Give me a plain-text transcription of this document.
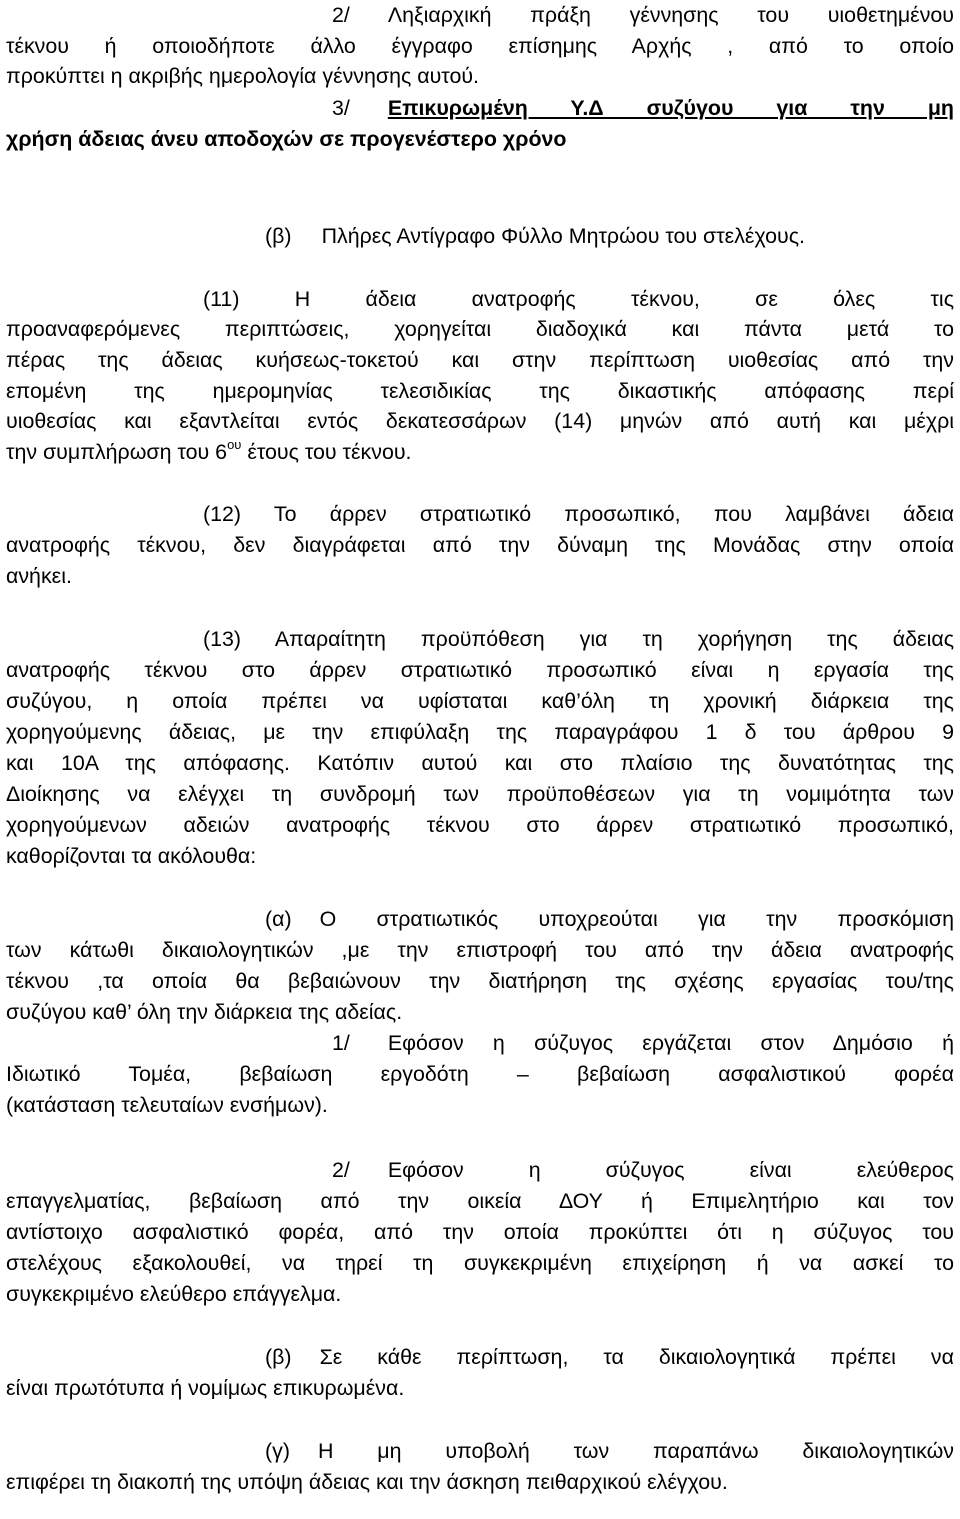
2/ Ληξιαρχική πράξη γέννησης του υιοθετημένου
τέκνου ή οποιοδήποτε άλλο έγγραφο επίσημης Αρχής , από το οποίο
προκύπτει η ακριβής ημερολογία γέννησης αυτού.
3/ Επικυρωμένη Υ.Δ συζύγου για την μη
χρήση άδειας άνευ αποδοχών σε προγενέστερο χρόνο
(β) Πλήρες Αντίγραφο Φύλλο Μητρώου του στελέχους.
(11) Η άδεια ανατροφής τέκνου, σε όλες τις
προαναφερόμενες περιπτώσεις, χορηγείται διαδοχικά και πάντα μετά το
πέρας της άδειας κυήσεως-τοκετού και στην περίπτωση υιοθεσίας από την
επομένη της ημερομηνίας τελεσιδικίας της δικαστικής απόφασης περί
υιοθεσίας και εξαντλείται εντός δεκατεσσάρων (14) μηνών από αυτή και μέχρι
την συμπλήρωση του $6^{o\upsilon}$ έτους του τέκνου.
(12) Το άρρεν στρατιωτικό προσωπικό, που λαμβάνει άδεια
ανατροφής τέκνου, δεν διαγράφεται από την δύναμη της Μονάδας στην οποία
ανήκει.
(13) Απαραίτητη προϋπόθεση για τη χορήγηση της άδειας
ανατροφής τέκνου στο άρρεν στρατιωτικό προσωπικό είναι η εργασία της
συζύγου, η οποία πρέπει να υφίσταται καθ’όλη τη χρονική διάρκεια της
χορηγούμενης άδειας, με την επιφύλαξη της παραγράφου 1 δ του άρθρου 9
και 10Α της απόφασης. Κατόπιν αυτού και στο πλαίσιο της δυνατότητας της
Διοίκησης να ελέγχει τη συνδρομή των προϋποθέσεων για τη νομιμότητα των
χορηγούμενων αδειών ανατροφής τέκνου στο άρρεν στρατιωτικό προσωπικό,
καθορίζονται τα ακόλουθα:
(α) Ο στρατιωτικός υποχρεούται για την προσκόμιση
των κάτωθι δικαιολογητικών ,με την επιστροφή του από την άδεια ανατροφής
τέκνου ,τα οποία θα βεβαιώνουν την διατήρηση της σχέσης εργασίας του/της
συζύγου καθ’ όλη την διάρκεια της αδείας.
1/ Εφόσον η σύζυγος εργάζεται στον Δημόσιο ή
Ιδιωτικό Τομέα, βεβαίωση εργοδότη – βεβαίωση ασφαλιστικού φορέα
(κατάσταση τελευταίων ενσήμων).
2/ Εφόσον η σύζυγος είναι ελεύθερος
επαγγελματίας, βεβαίωση από την οικεία ΔΟΥ ή Επιμελητήριο και τον
αντίστοιχο ασφαλιστικό φορέα, από την οποία προκύπτει ότι η σύζυγος του
στελέχους εξακολουθεί, να τηρεί τη συγκεκριμένη επιχείρηση ή να ασκεί το
συγκεκριμένο ελεύθερο επάγγελμα.
(β) Σε κάθε περίπτωση, τα δικαιολογητικά πρέπει να
είναι πρωτότυπα ή νομίμως επικυρωμένα.
(γ) Η μη υποβολή των παραπάνω δικαιολογητικών
επιφέρει τη διακοπή της υπόψη άδειας και την άσκηση πειθαρχικού ελέγχου.
